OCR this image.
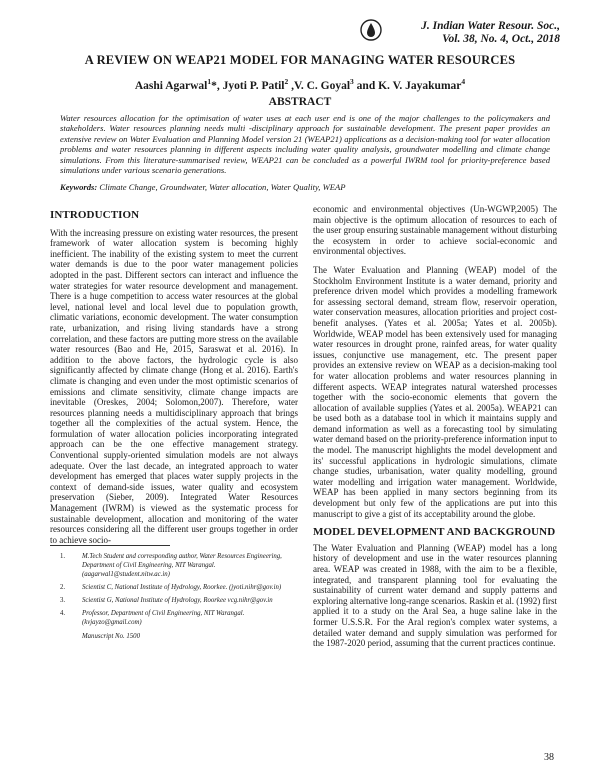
J. Indian Water Resour. Soc.,
Vol. 38, No. 4, Oct., 2018
A REVIEW ON WEAP21 MODEL FOR MANAGING WATER RESOURCES
Aashi Agarwal$^1$*, Jyoti P. Patil$^2$ ,V. C. Goyal$^3$ and K. V. Jayakumar$^4$
ABSTRACT
Water resources allocation for the optimisation of water uses at each user end is one of the major challenges to the policymakers and stakeholders. Water resources planning needs multi -disciplinary approach for sustainable development. The present paper provides an extensive review on Water Evaluation and Planning Model version 21 (WEAP21) applications as a decision-making tool for water allocation problems and water resources planning in different aspects including water quality analysis, groundwater modelling and climate change simulations. From this literature-summarised review, WEAP21 can be concluded as a powerful IWRM tool for priority-preference based simulations under various scenario generations.
Keywords: Climate Change, Groundwater, Water allocation, Water Quality, WEAP
INTRODUCTION

With the increasing pressure on existing water resources, the present framework of water allocation system is becoming highly inefficient. The inability of the existing system to meet the current water demands is due to the poor water management policies adopted in the past. Different sectors can interact and influence the water strategies for water resource development and management. There is a huge competition to access water resources at the global level, national level and local level due to population growth, climatic variations, economic development. The water consumption rate, urbanization, and rising living standards have a strong correlation, and these factors are putting more stress on the available water resources (Bao and He, 2015, Saraswat et al. 2016). In addition to the above factors, the hydrologic cycle is also significantly affected by climate change (Hong et al. 2016). Earth's climate is changing and even under the most optimistic scenarios of emissions and climate sensitivity, climate change impacts are inevitable (Oreskes, 2004; Solomon,2007). Therefore, water resources planning needs a multidisciplinary approach that brings together all the complexities of the actual system. Hence, the formulation of water allocation policies incorporating integrated approach can be the one effective management strategy. Conventional supply-oriented simulation models are not always adequate. Over the last decade, an integrated approach to water development has emerged that places water supply projects in the context of demand-side issues, water quality and ecosystem preservation (Sieber, 2009). Integrated Water Resources Management (IWRM) is viewed as the systematic process for sustainable development, allocation and monitoring of the water resources considering all the different user groups together in order to achieve socio-

economic and environmental objectives (Un-WGWP,2005) The main objective is the optimum allocation of resources to each of the user group ensuring sustainable management without disturbing the ecosystem in order to achieve social-economic and environmental objectives.

The Water Evaluation and Planning (WEAP) model of the Stockholm Environment Institute is a water demand, priority and preference driven model which provides a modelling framework for assessing sectoral demand, stream flow, reservoir operation, water conservation measures, allocation priorities and project cost-benefit analyses. (Yates et al. 2005a; Yates et al. 2005b). Worldwide, WEAP model has been extensively used for managing water resources in drought prone, rainfed areas, for water quality issues, conjunctive use management, etc. The present paper provides an extensive review on WEAP as a decision-making tool for water allocation problems and water resources planning in different aspects. WEAP integrates natural watershed processes together with the socio-economic elements that govern the allocation of available supplies (Yates et al. 2005a). WEAP21 can be used both as a database tool in which it maintains supply and demand information as well as a forecasting tool by simulating water demand based on the priority-preference information input to the model. The manuscript highlights the model development and its' successful applications in hydrologic simulations, climate change studies, urbanisation, water quality modelling, ground water modelling and irrigation water management. Worldwide, WEAP has been applied in many sectors beginning from its development but only few of the applications are put into this manuscript to give a gist of its acceptability around the globe.

MODEL DEVELOPMENT AND BACKGROUND

The Water Evaluation and Planning (WEAP) model has a long history of development and use in the water resources planning area. WEAP was created in 1988, with the aim to be a flexible, integrated, and transparent planning tool for evaluating the sustainability of current water demand and supply patterns and exploring alternative long-range scenarios. Raskin et al. (1992) first applied it to a study on the Aral Sea, a huge saline lake in the former U.S.S.R. For the Aral region's complex water systems, a detailed water demand and supply simulation was performed for the 1987-2020 period, assuming that the current practices continue.

1. M.Tech Student and corresponding author, Water Resources Engineering, Department of Civil Engineering, NIT Warangal. (aagarwal1@student.nitw.ac.in)
2. Scientist C, National Institute of Hydrology, Roorkee. (jyoti.nihr@gov.in)
3. Scientist G, National Institute of Hydrology, Roorkee vcg.nihr@gov.in
4. Professor, Department of Civil Engineering, NIT Warangal. (kvjayzo@gmail.com)
Manuscript No. 1500
38
